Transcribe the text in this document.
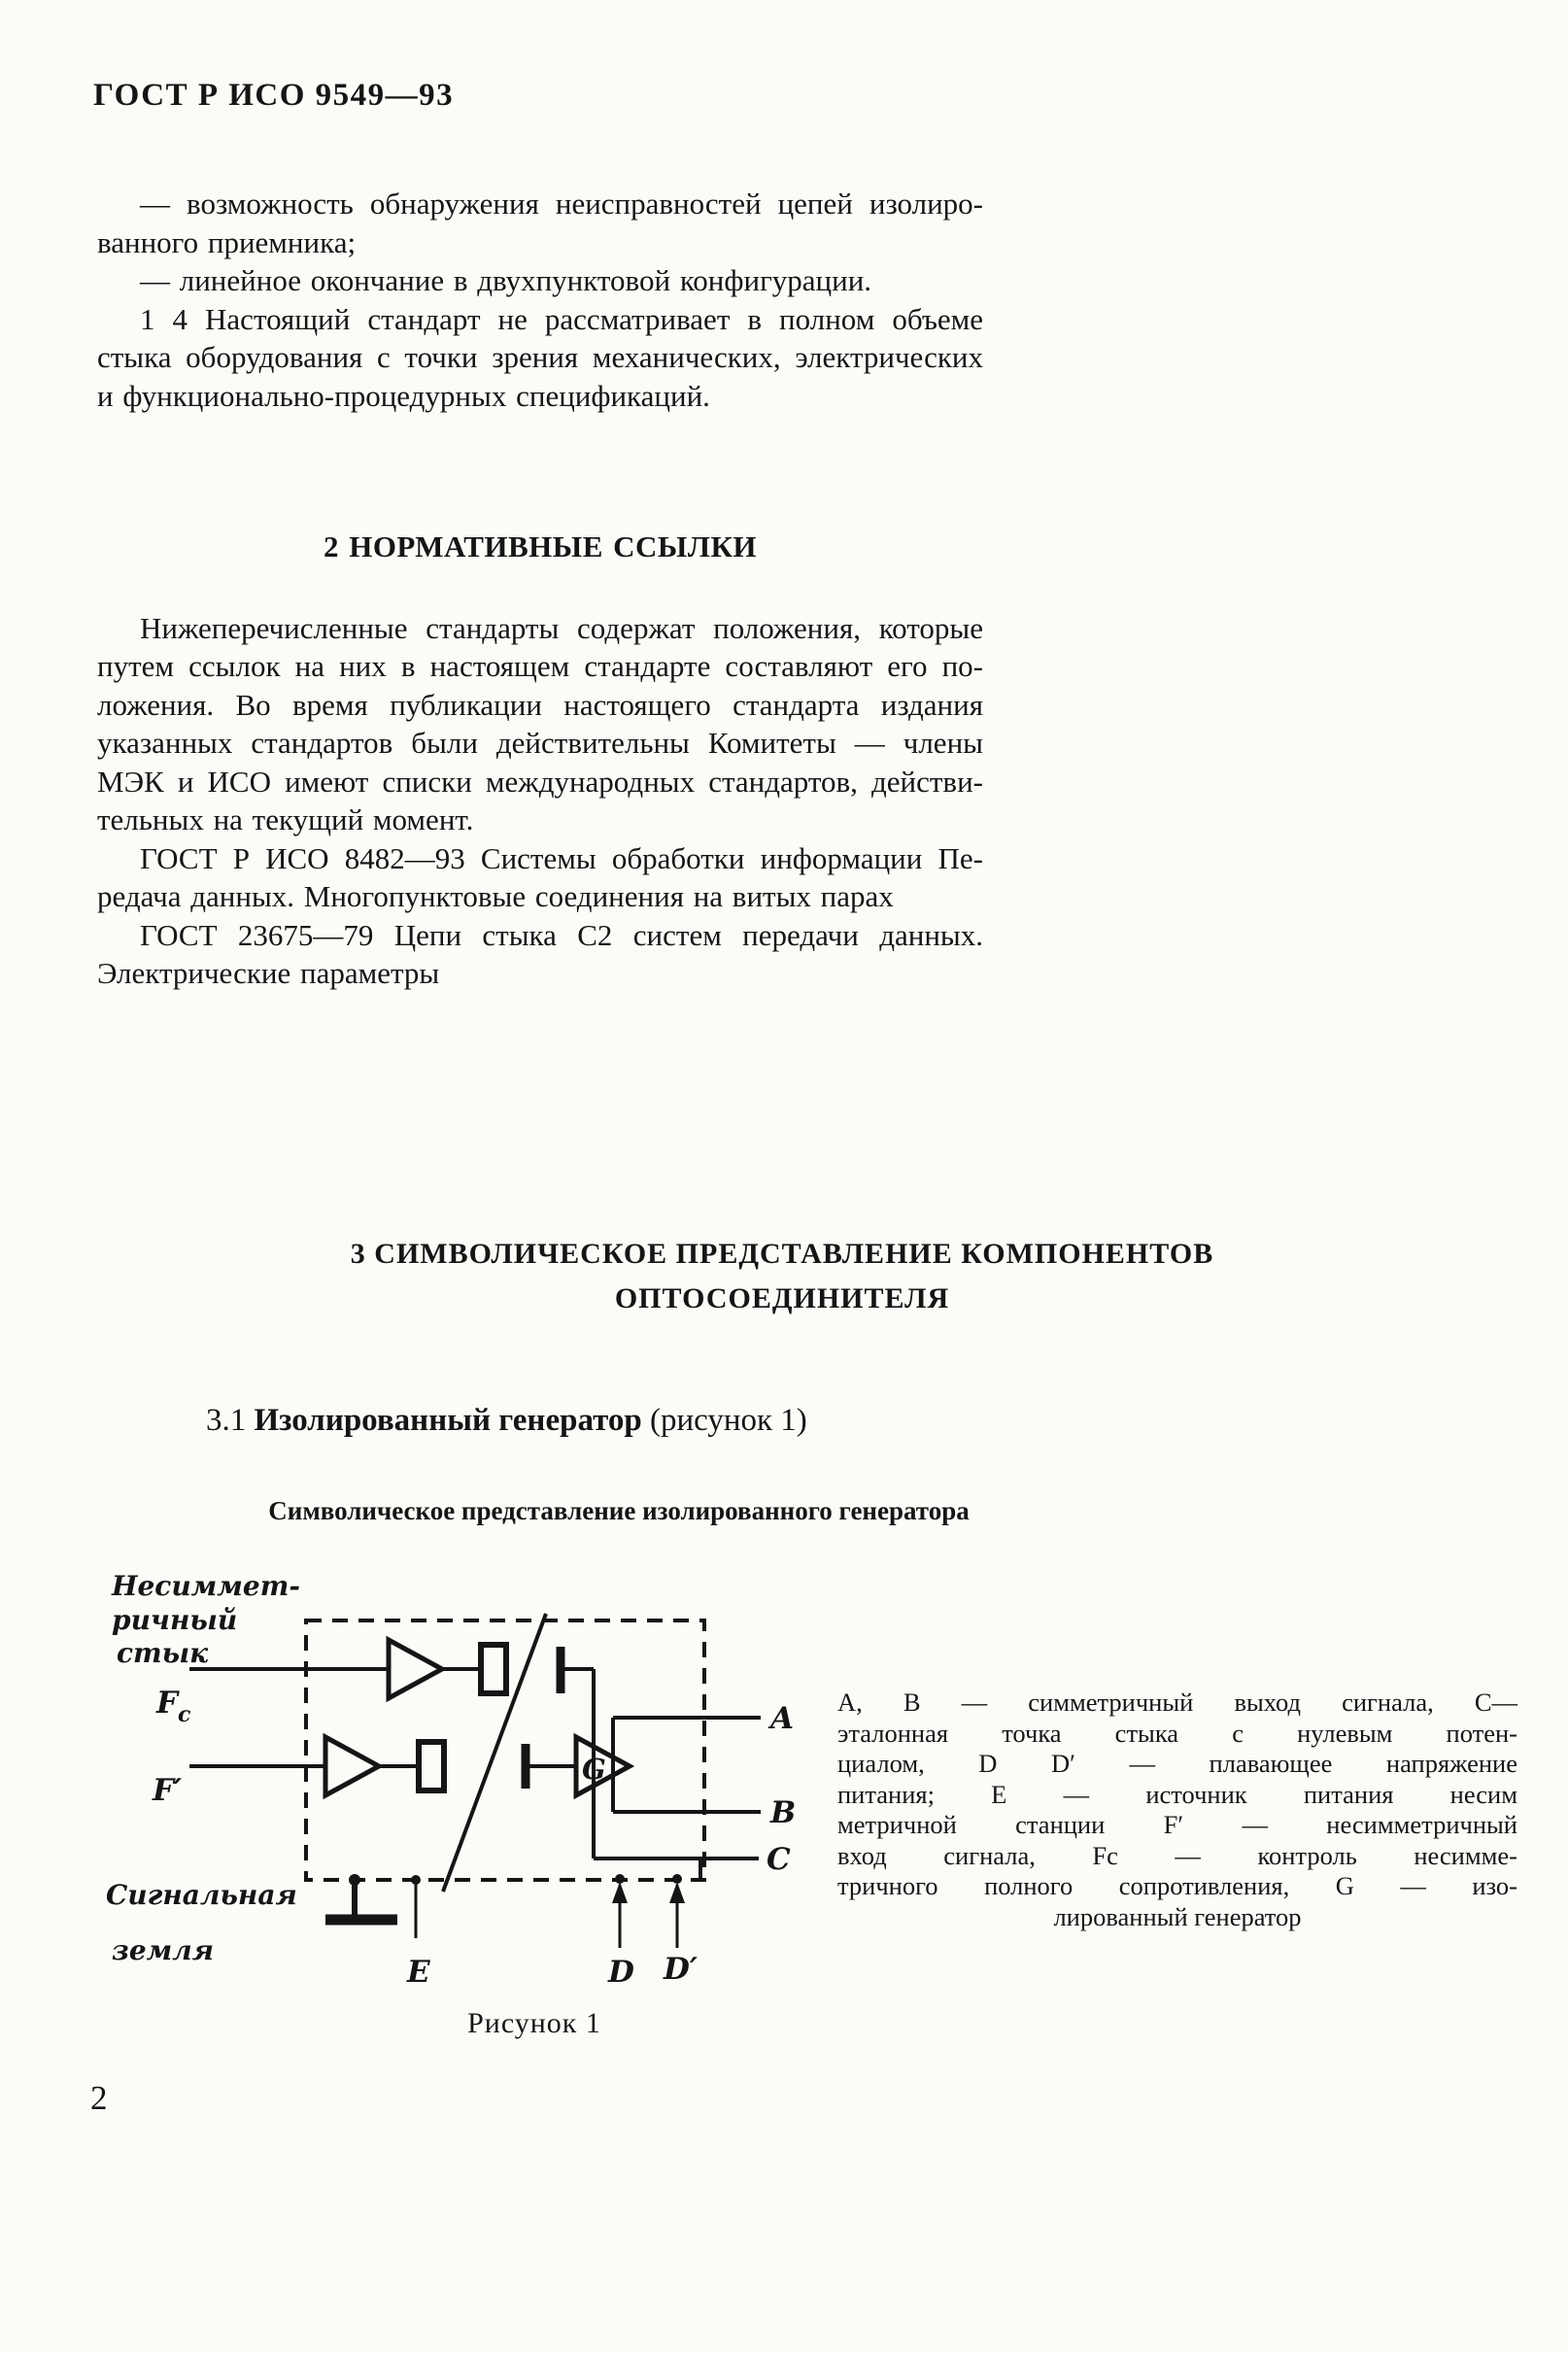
ГОСТ Р ИСО 9549—93
— возможность обнаружения неисправностей цепей изолиро-
ванного приемника;
— линейное окончание в двухпунктовой конфигурации.
1 4 Настоящий стандарт не рассматривает в полном объеме
стыка оборудования с точки зрения механических, электрических
и функционально-процедурных спецификаций.
2 НОРМАТИВНЫЕ ССЫЛКИ
Нижеперечисленные стандарты содержат положения, которые
путем ссылок на них в настоящем стандарте составляют его по-
ложения. Во время публикации настоящего стандарта издания
указанных стандартов были действительны Комитеты — члены
МЭК и ИСО имеют списки международных стандартов, действи-
тельных на текущий момент.
ГОСТ Р ИСО 8482—93 Системы обработки информации Пе-
редача данных. Многопунктовые соединения на витых парах
ГОСТ 23675—79 Цепи стыка С2 систем передачи данных.
Электрические параметры
3 СИМВОЛИЧЕСКОЕ ПРЕДСТАВЛЕНИЕ КОМПОНЕНТОВ
ОПТОСОЕДИНИТЕЛЯ
3.1 Изолированный генератор (рисунок 1)
Символическое представление изолированного генератора
Несиммет-
ричный
стык
$F_c$
F′
Сигнальная
земля
E	D D′
A
B
C
G
А, В — симметричный выход сигнала, С—
эталонная точка стыка с нулевым потен-
циалом, D D′ — плавающее напряжение
питания; Е — источник питания несим
метричной станции F′ — несимметричный
вход сигнала, Fc — контроль несимме-
тричного полного сопротивления, G — изо-
лированный генератор
Рисунок 1
2
